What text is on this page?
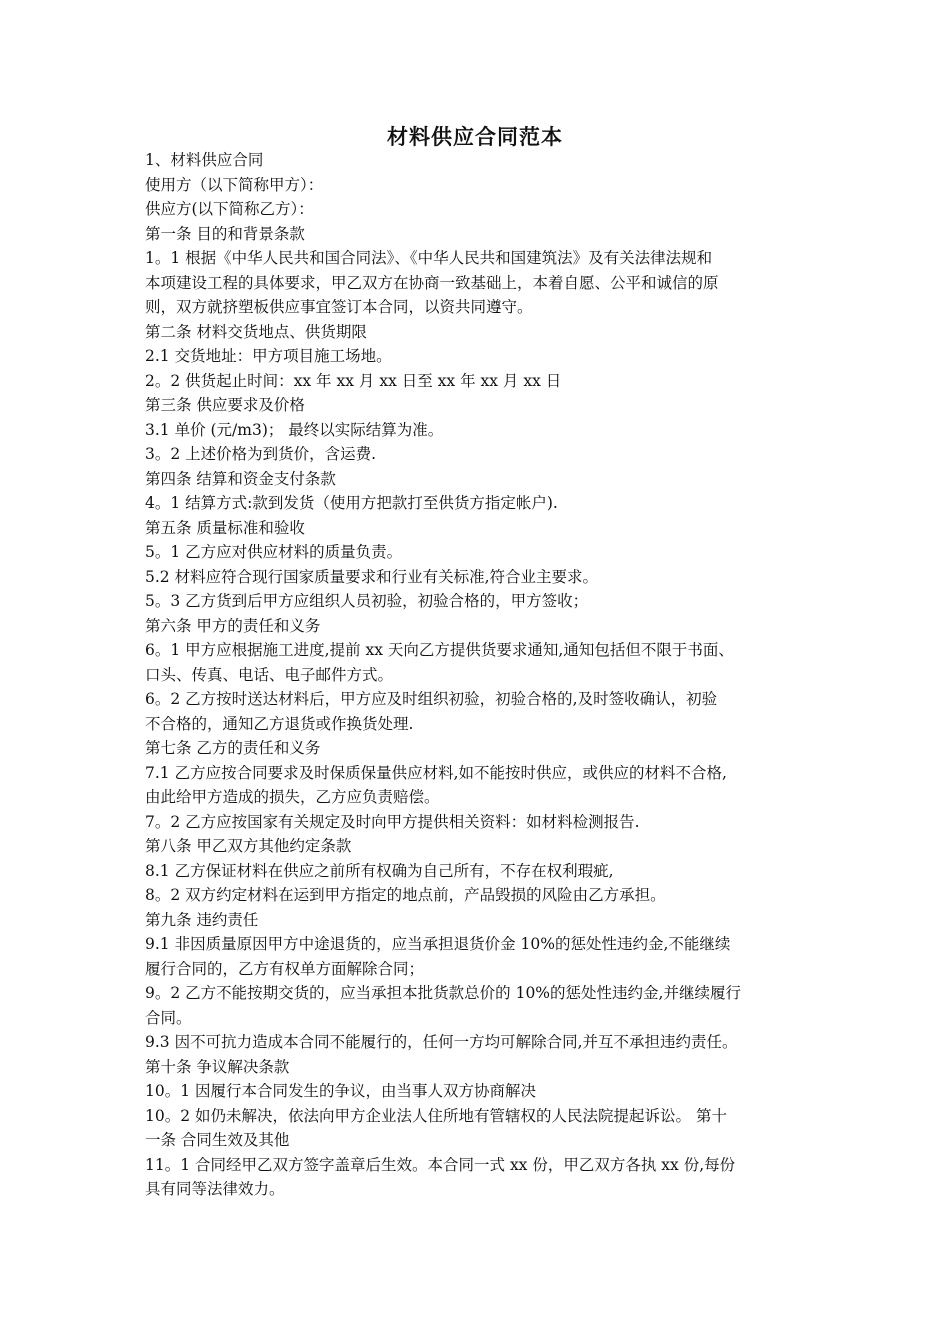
材料供应合同范本
1、材料供应合同
使用方（以下简称甲方）：
供应方(以下简称乙方）：
第一条 目的和背景条款
1。1 根据《中华人民共和国合同法》、《中华人民共和国建筑法》及有关法律法规和
本项建设工程的具体要求，甲乙双方在协商一致基础上，本着自愿、公平和诚信的原
则，双方就挤塑板供应事宜签订本合同，以资共同遵守。
第二条 材料交货地点、供货期限
2.1 交货地址：甲方项目施工场地。
2。2 供货起止时间：xx 年 xx 月 xx 日至 xx 年 xx 月 xx 日
第三条 供应要求及价格
3.1 单价 (元/m3)； 最终以实际结算为准。
3。2 上述价格为到货价，含运费.
第四条 结算和资金支付条款
4。1 结算方式:款到发货（使用方把款打至供货方指定帐户).
第五条 质量标准和验收
5。1 乙方应对供应材料的质量负责。
5.2 材料应符合现行国家质量要求和行业有关标准,符合业主要求。
5。3 乙方货到后甲方应组织人员初验，初验合格的，甲方签收；
第六条 甲方的责任和义务
6。1 甲方应根据施工进度,提前 xx 天向乙方提供货要求通知,通知包括但不限于书面、
口头、传真、电话、电子邮件方式。
6。2 乙方按时送达材料后，甲方应及时组织初验，初验合格的,及时签收确认，初验
不合格的，通知乙方退货或作换货处理.
第七条 乙方的责任和义务
7.1 乙方应按合同要求及时保质保量供应材料,如不能按时供应，或供应的材料不合格,
由此给甲方造成的损失，乙方应负责赔偿。
7。2 乙方应按国家有关规定及时向甲方提供相关资料：如材料检测报告.
第八条 甲乙双方其他约定条款
8.1 乙方保证材料在供应之前所有权确为自己所有，不存在权利瑕疵,
8。2 双方约定材料在运到甲方指定的地点前，产品毁损的风险由乙方承担。
第九条 违约责任
9.1 非因质量原因甲方中途退货的，应当承担退货价金 10%的惩处性违约金,不能继续
履行合同的，乙方有权单方面解除合同；
9。2 乙方不能按期交货的，应当承担本批货款总价的 10%的惩处性违约金,并继续履行
合同。
9.3 因不可抗力造成本合同不能履行的，任何一方均可解除合同,并互不承担违约责任。
第十条 争议解决条款
10。1 因履行本合同发生的争议，由当事人双方协商解决
10。2 如仍未解决，依法向甲方企业法人住所地有管辖权的人民法院提起诉讼。 第十
一条 合同生效及其他
11。1 合同经甲乙双方签字盖章后生效。本合同一式 xx 份，甲乙双方各执 xx 份,每份
具有同等法律效力。
